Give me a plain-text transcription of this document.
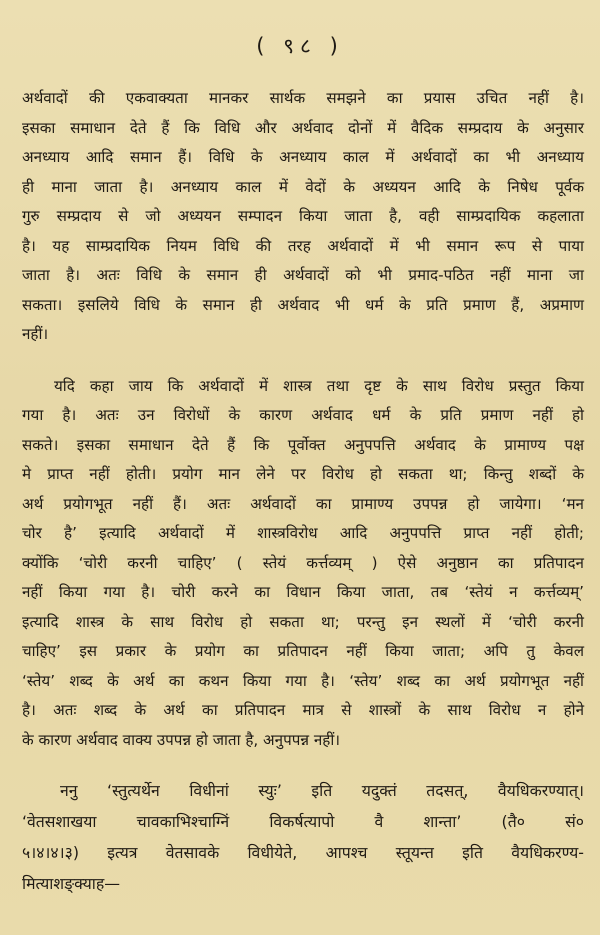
( ९८ )
अर्थवादों की एकवाक्यता मानकर सार्थक समझने का प्रयास उचित नहीं है।
इसका समाधान देते हैं कि विधि और अर्थवाद दोनों में वैदिक सम्प्रदाय के अनुसार
अनध्याय आदि समान हैं। विधि के अनध्याय काल में अर्थवादों का भी अनध्याय
ही माना जाता है। अनध्याय काल में वेदों के अध्ययन आदि के निषेध पूर्वक
गुरु सम्प्रदाय से जो अध्ययन सम्पादन किया जाता है, वही साम्प्रदायिक कहलाता
है। यह साम्प्रदायिक नियम विधि की तरह अर्थवादों में भी समान रूप से पाया
जाता है। अतः विधि के समान ही अर्थवादों को भी प्रमाद-पठित नहीं माना जा
सकता। इसलिये विधि के समान ही अर्थवाद भी धर्म के प्रति प्रमाण हैं, अप्रमाण
नहीं।
यदि कहा जाय कि अर्थवादों में शास्त्र तथा दृष्ट के साथ विरोध प्रस्तुत किया
गया है। अतः उन विरोधों के कारण अर्थवाद धर्म के प्रति प्रमाण नहीं हो
सकते। इसका समाधान देते हैं कि पूर्वोक्त अनुपपत्ति अर्थवाद के प्रामाण्य पक्ष
मे प्राप्त नहीं होती। प्रयोग मान लेने पर विरोध हो सकता था; किन्तु शब्दों के
अर्थ प्रयोगभूत नहीं हैं। अतः अर्थवादों का प्रामाण्य उपपन्न हो जायेगा। ‘मन
चोर है’ इत्यादि अर्थवादों में शास्त्रविरोध आदि अनुपपत्ति प्राप्त नहीं होती;
क्योंकि ‘चोरी करनी चाहिए’ ( स्तेयं कर्त्तव्यम् ) ऐसे अनुष्ठान का प्रतिपादन
नहीं किया गया है। चोरी करने का विधान किया जाता, तब ‘स्तेयं न कर्त्तव्यम्’
इत्यादि शास्त्र के साथ विरोध हो सकता था; परन्तु इन स्थलों में ‘चोरी करनी
चाहिए’ इस प्रकार के प्रयोग का प्रतिपादन नहीं किया जाता; अपि तु केवल
‘स्तेय’ शब्द के अर्थ का कथन किया गया है। ‘स्तेय’ शब्द का अर्थ प्रयोगभूत नहीं
है। अतः शब्द के अर्थ का प्रतिपादन मात्र से शास्त्रों के साथ विरोध न होने
के कारण अर्थवाद वाक्य उपपन्न हो जाता है, अनुपपन्न नहीं।
ननु ‘स्तुत्यर्थेन विधीनां स्युः’ इति यदुक्तं तदसत्, वैयधिकरण्यात्।
‘वेतसशाखया चावकाभिश्चाग्निं विकर्षत्यापो वै शान्ता’ (तै० सं०
५।४।४।३) इत्यत्र वेतसावके विधीयेते, आपश्च स्तूयन्त इति वैयधिकरण्य-
मित्याशङ्क्याह—
